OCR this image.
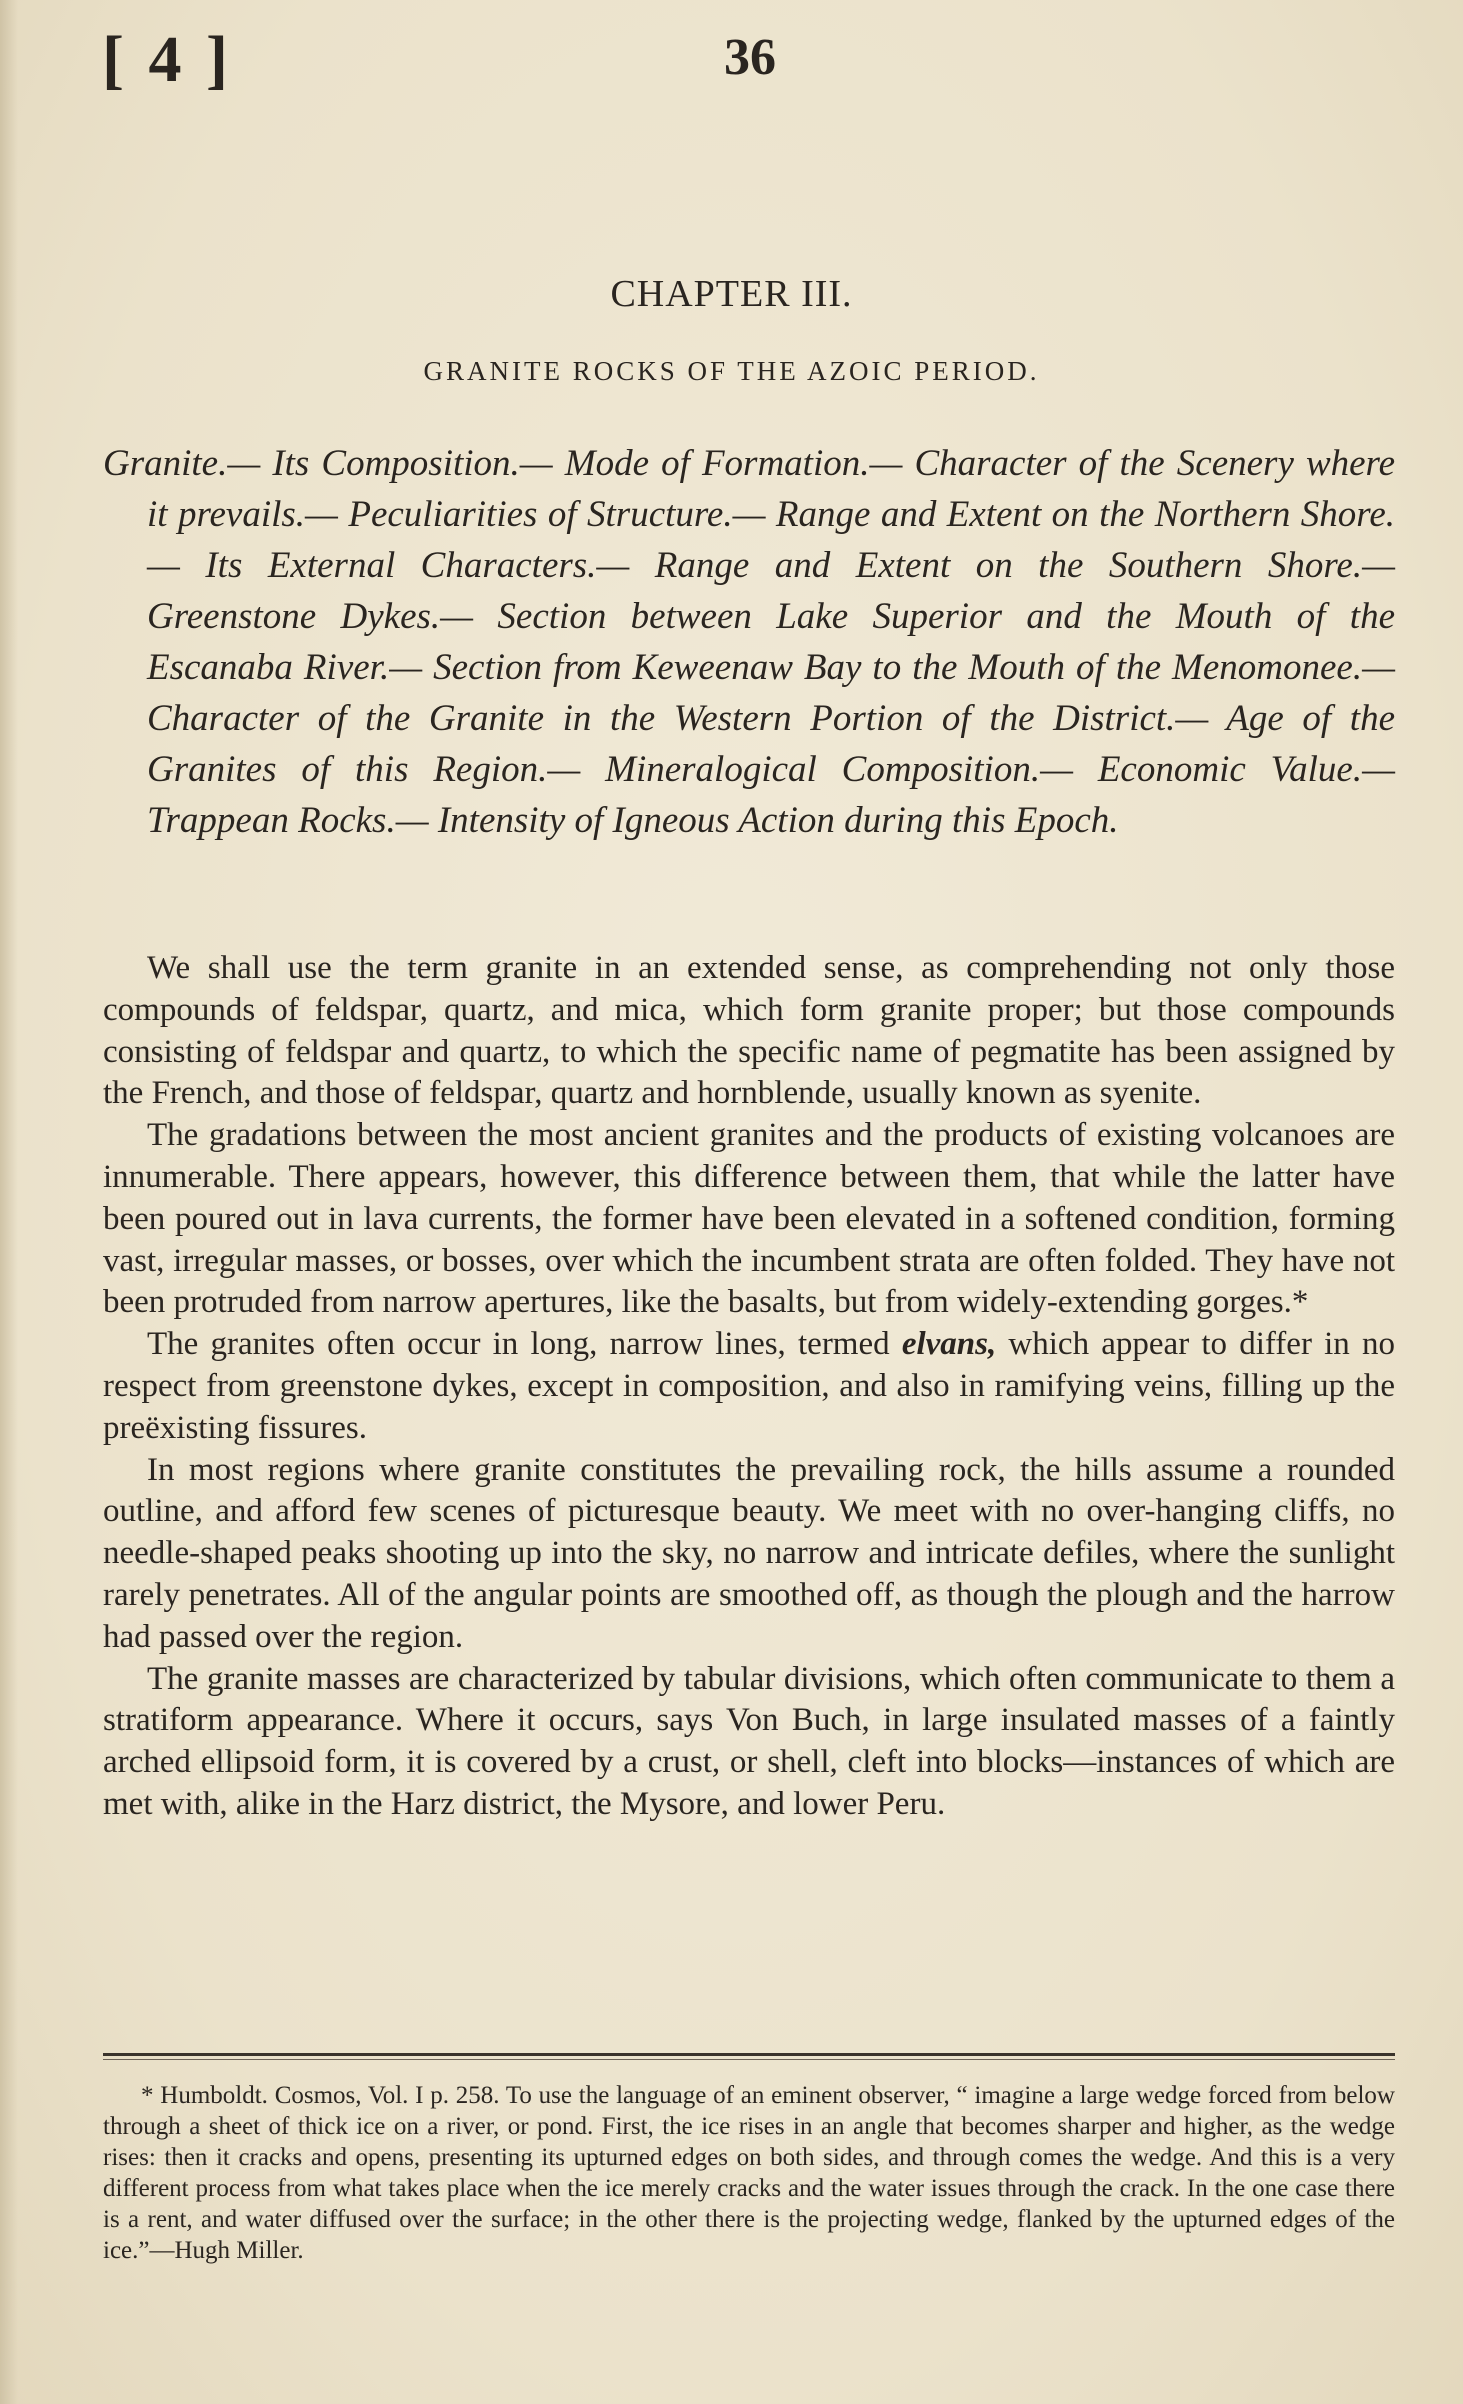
[ 4 ]	36
CHAPTER III.
GRANITE ROCKS OF THE AZOIC PERIOD.
Granite.— Its Composition.— Mode of Formation.— Character of the Scenery where it prevails.— Peculiarities of Structure.— Range and Extent on the Northern Shore.— Its External Characters.— Range and Extent on the Southern Shore.— Greenstone Dykes.— Section between Lake Superior and the Mouth of the Escanaba River.— Section from Keweenaw Bay to the Mouth of the Menomonee.— Character of the Granite in the Western Portion of the District.— Age of the Granites of this Region.— Mineralogical Composition.— Economic Value.— Trappean Rocks.— Intensity of Igneous Action during this Epoch.

We shall use the term granite in an extended sense, as comprehending not only those compounds of feldspar, quartz, and mica, which form granite proper; but those compounds consisting of feldspar and quartz, to which the specific name of pegmatite has been assigned by the French, and those of feldspar, quartz and hornblende, usually known as syenite.

The gradations between the most ancient granites and the products of existing volcanoes are innumerable. There appears, however, this difference between them, that while the latter have been poured out in lava currents, the former have been elevated in a softened condition, forming vast, irregular masses, or bosses, over which the incumbent strata are often folded. They have not been protruded from narrow apertures, like the basalts, but from widely-extending gorges.*

The granites often occur in long, narrow lines, termed elvans, which appear to differ in no respect from greenstone dykes, except in composition, and also in ramifying veins, filling up the preëxisting fissures.

In most regions where granite constitutes the prevailing rock, the hills assume a rounded outline, and afford few scenes of picturesque beauty. We meet with no over-hanging cliffs, no needle-shaped peaks shooting up into the sky, no narrow and intricate defiles, where the sunlight rarely penetrates. All of the angular points are smoothed off, as though the plough and the harrow had passed over the region.

The granite masses are characterized by tabular divisions, which often communicate to them a stratiform appearance. Where it occurs, says Von Buch, in large insulated masses of a faintly arched ellipsoid form, it is covered by a crust, or shell, cleft into blocks—instances of which are met with, alike in the Harz district, the Mysore, and lower Peru.

* Humboldt. Cosmos, Vol. I p. 258. To use the language of an eminent observer, “ imagine a large wedge forced from below through a sheet of thick ice on a river, or pond. First, the ice rises in an angle that becomes sharper and higher, as the wedge rises: then it cracks and opens, presenting its upturned edges on both sides, and through comes the wedge. And this is a very different process from what takes place when the ice merely cracks and the water issues through the crack. In the one case there is a rent, and water diffused over the surface; in the other there is the projecting wedge, flanked by the upturned edges of the ice.”—Hugh Miller.
